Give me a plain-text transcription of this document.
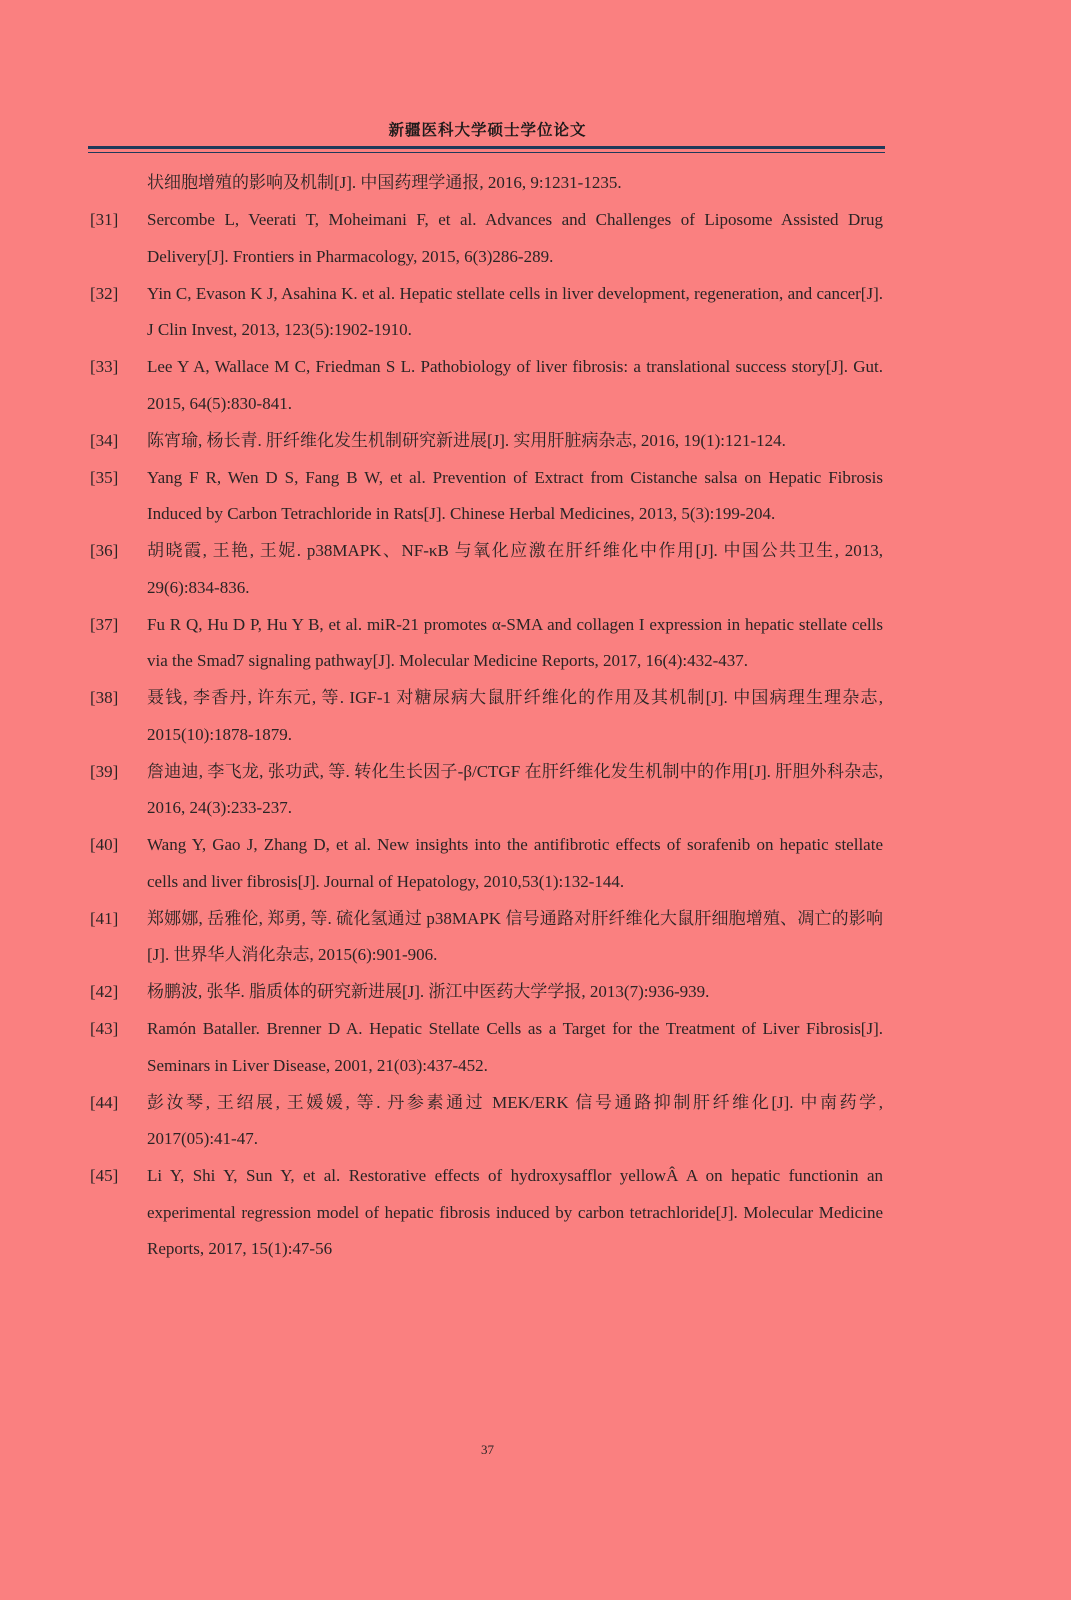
新疆医科大学硕士学位论文
状细胞增殖的影响及机制[J]. 中国药理学通报, 2016, 9:1231-1235.
[31]	Sercombe L, Veerati T, Moheimani F, et al. Advances and Challenges of Liposome Assisted Drug Delivery[J]. Frontiers in Pharmacology, 2015, 6(3)286-289.
[32]	Yin C, Evason K J, Asahina K. et al. Hepatic stellate cells in liver development, regeneration, and cancer[J]. J Clin Invest, 2013, 123(5):1902-1910.
[33]	Lee Y A, Wallace M C, Friedman S L. Pathobiology of liver fibrosis: a translational success story[J]. Gut. 2015, 64(5):830-841.
[34]	陈宵瑜, 杨长青. 肝纤维化发生机制研究新进展[J]. 实用肝脏病杂志, 2016, 19(1):121-124.
[35]	Yang F R, Wen D S, Fang B W, et al. Prevention of Extract from Cistanche salsa on Hepatic Fibrosis Induced by Carbon Tetrachloride in Rats[J]. Chinese Herbal Medicines, 2013, 5(3):199-204.
[36]	胡晓霞, 王艳, 王妮. p38MAPK、NF-κB 与氧化应激在肝纤维化中作用[J]. 中国公共卫生, 2013, 29(6):834-836.
[37]	Fu R Q, Hu D P, Hu Y B, et al. miR-21 promotes α-SMA and collagen I expression in hepatic stellate cells via the Smad7 signaling pathway[J]. Molecular Medicine Reports, 2017, 16(4):432-437.
[38]	聂钱, 李香丹, 许东元, 等. IGF-1 对糖尿病大鼠肝纤维化的作用及其机制[J]. 中国病理生理杂志, 2015(10):1878-1879.
[39]	詹迪迪, 李飞龙, 张功武, 等. 转化生长因子-β/CTGF 在肝纤维化发生机制中的作用[J]. 肝胆外科杂志, 2016, 24(3):233-237.
[40]	Wang Y, Gao J, Zhang D, et al. New insights into the antifibrotic effects of sorafenib on hepatic stellate cells and liver fibrosis[J]. Journal of Hepatology, 2010,53(1):132-144.
[41]	郑娜娜, 岳雅伦, 郑勇, 等. 硫化氢通过 p38MAPK 信号通路对肝纤维化大鼠肝细胞增殖、凋亡的影响[J]. 世界华人消化杂志, 2015(6):901-906.
[42]	杨鹏波, 张华. 脂质体的研究新进展[J]. 浙江中医药大学学报, 2013(7):936-939.
[43]	Ramón Bataller. Brenner D A. Hepatic Stellate Cells as a Target for the Treatment of Liver Fibrosis[J]. Seminars in Liver Disease, 2001, 21(03):437-452.
[44]	彭汝琴, 王绍展, 王媛媛, 等. 丹参素通过 MEK/ERK 信号通路抑制肝纤维化[J]. 中南药学, 2017(05):41-47.
[45]	Li Y, Shi Y, Sun Y, et al. Restorative effects of hydroxysafflor yellowÂ A on hepatic functionin an experimental regression model of hepatic fibrosis induced by carbon tetrachloride[J]. Molecular Medicine Reports, 2017, 15(1):47-56
37
